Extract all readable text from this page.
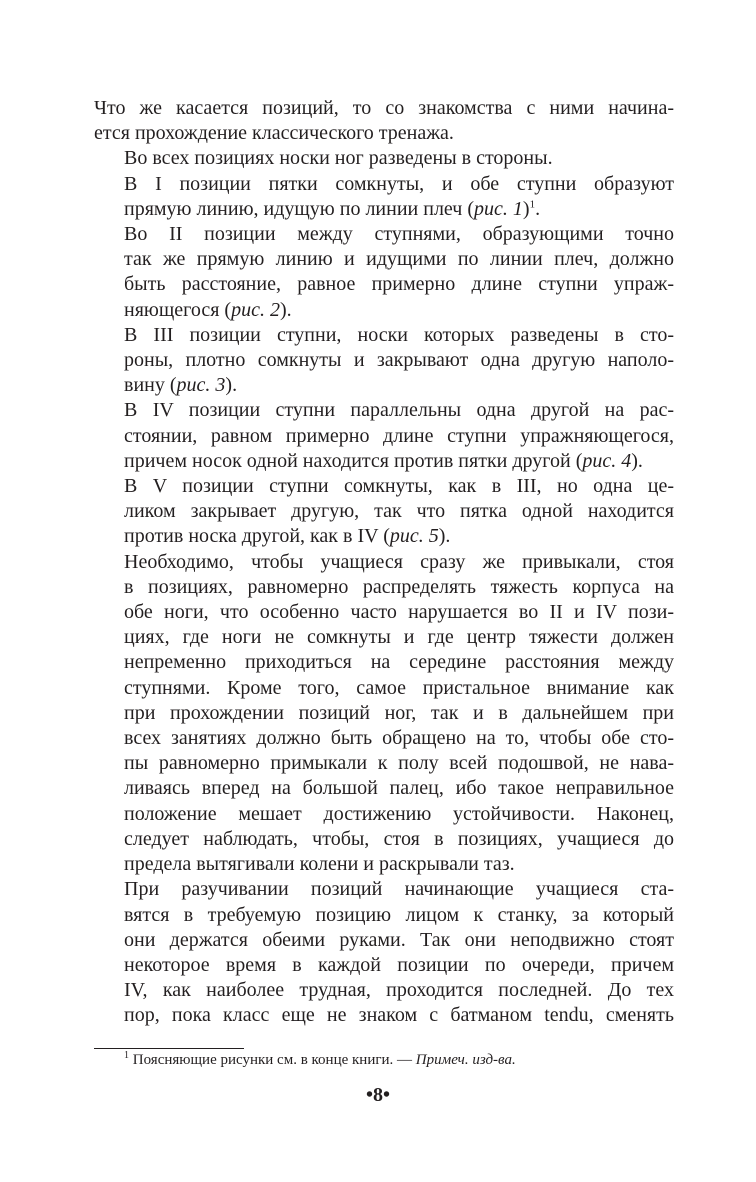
Что же касается позиций, то со знакомства с ними начина-
ется прохождение классического тренажа.
Во всех позициях носки ног разведены в стороны.
В I позиции пятки сомкнуты, и обе ступни образуют
прямую линию, идущую по линии плеч (рис. 1)$^1$.
Во II позиции между ступнями, образующими точно
так же прямую линию и идущими по линии плеч, должно
быть расстояние, равное примерно длине ступни упраж-
няющегося (рис. 2).
В III позиции ступни, носки которых разведены в сто-
роны, плотно сомкнуты и закрывают одна другую наполо-
вину (рис. 3).
В IV позиции ступни параллельны одна другой на рас-
стоянии, равном примерно длине ступни упражняющегося,
причем носок одной находится против пятки другой (рис. 4).
В V позиции ступни сомкнуты, как в III, но одна це-
ликом закрывает другую, так что пятка одной находится
против носка другой, как в IV (рис. 5).
Необходимо, чтобы учащиеся сразу же привыкали, стоя
в позициях, равномерно распределять тяжесть корпуса на
обе ноги, что особенно часто нарушается во II и IV пози-
циях, где ноги не сомкнуты и где центр тяжести должен
непременно приходиться на середине расстояния между
ступнями. Кроме того, самое пристальное внимание как
при прохождении позиций ног, так и в дальнейшем при
всех занятиях должно быть обращено на то, чтобы обе сто-
пы равномерно примыкали к полу всей подошвой, не нава-
ливаясь вперед на большой палец, ибо такое неправильное
положение мешает достижению устойчивости. Наконец,
следует наблюдать, чтобы, стоя в позициях, учащиеся до
предела вытягивали колени и раскрывали таз.
При разучивании позиций начинающие учащиеся ста-
вятся в требуемую позицию лицом к станку, за который
они держатся обеими руками. Так они неподвижно стоят
некоторое время в каждой позиции по очереди, причем
IV, как наиболее трудная, проходится последней. До тех
пор, пока класс еще не знаком с батманом tendu, сменять
$^1$ Поясняющие рисунки см. в конце книги. — Примеч. изд-ва.
•8•
